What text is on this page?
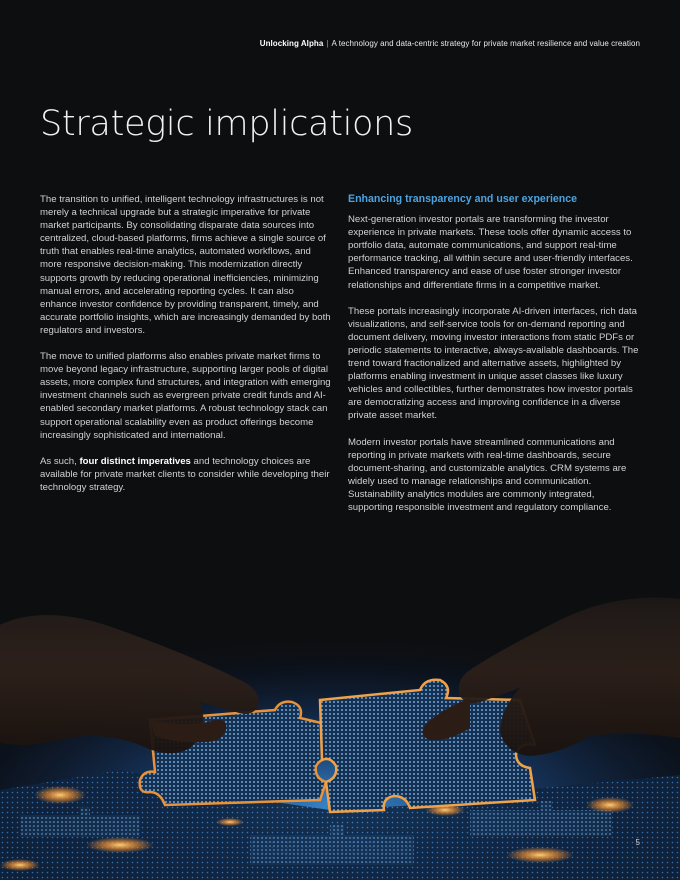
Unlocking Alpha | A technology and data-centric strategy for private market resilience and value creation
Strategic implications

The transition to unified, intelligent technology infrastructures is not merely a technical upgrade but a strategic imperative for private market participants. By consolidating disparate data sources into centralized, cloud-based platforms, firms achieve a single source of truth that enables real-time analytics, automated workflows, and more responsive decision-making. This modernization directly supports growth by reducing operational inefficiencies, minimizing manual errors, and accelerating reporting cycles. It can also enhance investor confidence by providing transparent, timely, and accurate portfolio insights, which are increasingly demanded by both regulators and investors.

The move to unified platforms also enables private market firms to move beyond legacy infrastructure, supporting larger pools of digital assets, more complex fund structures, and integration with emerging investment channels such as evergreen private credit funds and AI-enabled secondary market platforms. A robust technology stack can support operational scalability even as product offerings become increasingly sophisticated and international.

As such, four distinct imperatives and technology choices are available for private market clients to consider while developing their technology strategy.

Enhancing transparency and user experience

Next-generation investor portals are transforming the investor experience in private markets. These tools offer dynamic access to portfolio data, automate communications, and support real-time performance tracking, all within secure and user-friendly interfaces. Enhanced transparency and ease of use foster stronger investor relationships and differentiate firms in a competitive market.

These portals increasingly incorporate AI-driven interfaces, rich data visualizations, and self-service tools for on-demand reporting and document delivery, moving investor interactions from static PDFs or periodic statements to interactive, always-available dashboards. The trend toward fractionalized and alternative assets, highlighted by platforms enabling investment in unique asset classes like luxury vehicles and collectibles, further demonstrates how investor portals are democratizing access and improving confidence in a diverse private asset market.

Modern investor portals have streamlined communications and reporting in private markets with real-time dashboards, secure document-sharing, and customizable analytics. CRM systems are widely used to manage relationships and communication. Sustainability analytics modules are commonly integrated, supporting responsible investment and regulatory compliance.

5
